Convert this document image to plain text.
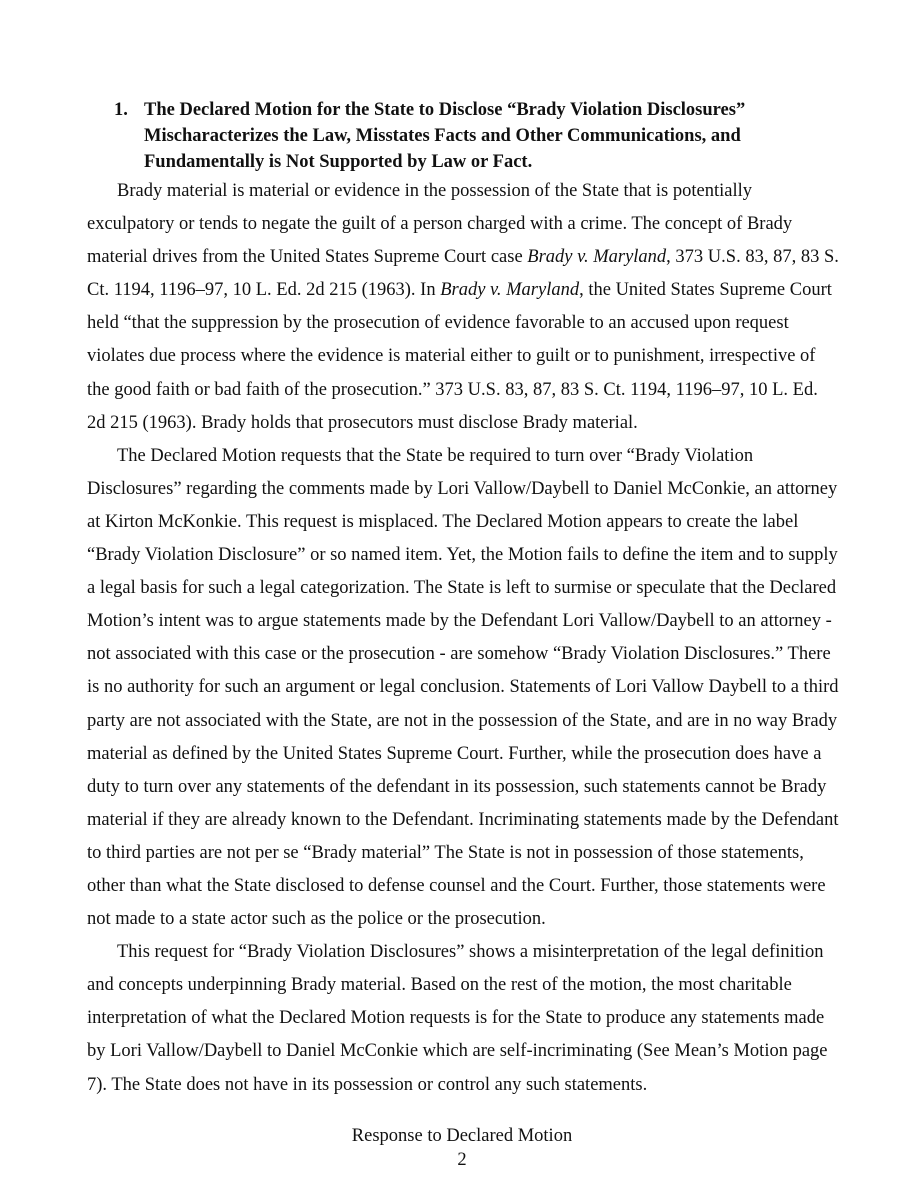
1. The Declared Motion for the State to Disclose “Brady Violation Disclosures” Mischaracterizes the Law, Misstates Facts and Other Communications, and Fundamentally is Not Supported by Law or Fact.

Brady material is material or evidence in the possession of the State that is potentially exculpatory or tends to negate the guilt of a person charged with a crime. The concept of Brady material drives from the United States Supreme Court case Brady v. Maryland, 373 U.S. 83, 87, 83 S. Ct. 1194, 1196–97, 10 L. Ed. 2d 215 (1963). In Brady v. Maryland, the United States Supreme Court held “that the suppression by the prosecution of evidence favorable to an accused upon request violates due process where the evidence is material either to guilt or to punishment, irrespective of the good faith or bad faith of the prosecution.” 373 U.S. 83, 87, 83 S. Ct. 1194, 1196–97, 10 L. Ed. 2d 215 (1963). Brady holds that prosecutors must disclose Brady material.

The Declared Motion requests that the State be required to turn over “Brady Violation Disclosures” regarding the comments made by Lori Vallow/Daybell to Daniel McConkie, an attorney at Kirton McKonkie. This request is misplaced. The Declared Motion appears to create the label “Brady Violation Disclosure” or so named item. Yet, the Motion fails to define the item and to supply a legal basis for such a legal categorization. The State is left to surmise or speculate that the Declared Motion’s intent was to argue statements made by the Defendant Lori Vallow/Daybell to an attorney - not associated with this case or the prosecution - are somehow “Brady Violation Disclosures.” There is no authority for such an argument or legal conclusion. Statements of Lori Vallow Daybell to a third party are not associated with the State, are not in the possession of the State, and are in no way Brady material as defined by the United States Supreme Court. Further, while the prosecution does have a duty to turn over any statements of the defendant in its possession, such statements cannot be Brady material if they are already known to the Defendant. Incriminating statements made by the Defendant to third parties are not per se “Brady material” The State is not in possession of those statements, other than what the State disclosed to defense counsel and the Court. Further, those statements were not made to a state actor such as the police or the prosecution.

This request for “Brady Violation Disclosures” shows a misinterpretation of the legal definition and concepts underpinning Brady material. Based on the rest of the motion, the most charitable interpretation of what the Declared Motion requests is for the State to produce any statements made by Lori Vallow/Daybell to Daniel McConkie which are self-incriminating (See Mean’s Motion page 7). The State does not have in its possession or control any such statements.

Response to Declared Motion
2
